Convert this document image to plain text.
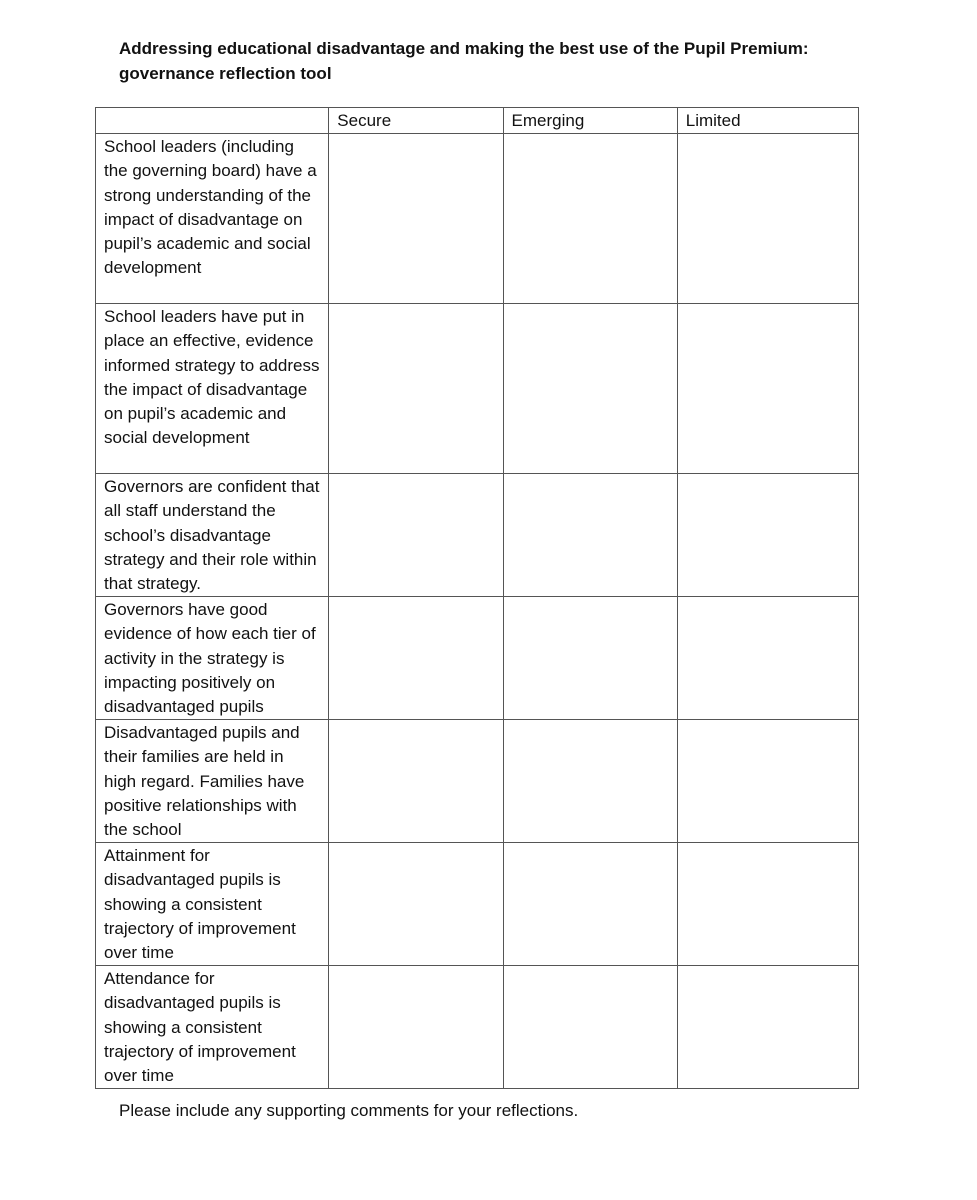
Addressing educational disadvantage and making the best use of the Pupil Premium:
governance reflection tool
	Secure	Emerging	Limited
School leaders (including the governing board) have a strong understanding of the impact of disadvantage on pupil’s academic and social development			
School leaders have put in place an effective, evidence informed strategy to address the impact of disadvantage on pupil’s academic and social development			
Governors are confident that all staff understand the school’s disadvantage strategy and their role within that strategy.			
Governors have good evidence of how each tier of activity in the strategy is impacting positively on disadvantaged pupils			
Disadvantaged pupils and their families are held in high regard. Families have positive relationships with the school			
Attainment for disadvantaged pupils is showing a consistent trajectory of improvement over time			
Attendance for disadvantaged pupils is showing a consistent trajectory of improvement over time			

Please include any supporting comments for your reflections.
